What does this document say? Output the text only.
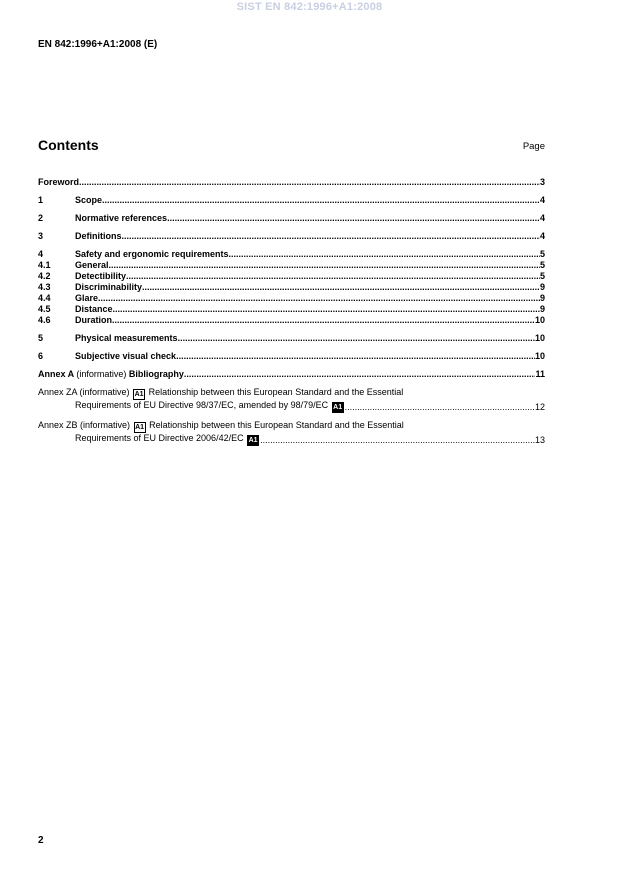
SIST EN 842:1996+A1:2008
EN 842:1996+A1:2008 (E)
Contents	Page
Foreword .....	3
1	Scope .....	4
2	Normative references .....	4
3	Definitions .....	4
4	Safety and ergonomic requirements .....	5
4.1	General .....	5
4.2	Detectibility .....	5
4.3	Discriminability .....	9
4.4	Glare .....	9
4.5	Distance .....	9
4.6	Duration .....	10
5	Physical measurements .....	10
6	Subjective visual check .....	10
Annex A (informative) Bibliography .....	11
Annex ZA (informative) A1 Relationship between this European Standard and the Essential
Requirements of EU Directive 98/37/EC, amended by 98/79/EC A1 .....	12
Annex ZB (informative) A1 Relationship between this European Standard and the Essential
Requirements of EU Directive 2006/42/EC A1 .....	13
2
